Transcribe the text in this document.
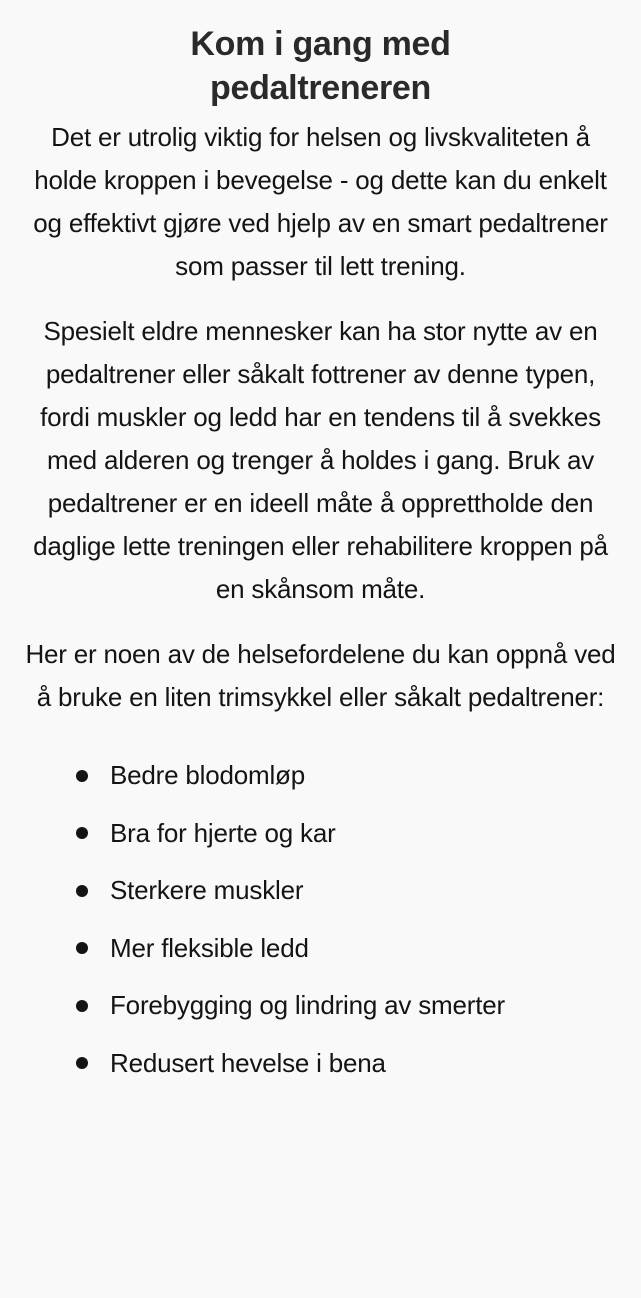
Kom i gang med
pedaltreneren

Det er utrolig viktig for helsen og livskvaliteten å holde kroppen i bevegelse - og dette kan du enkelt og effektivt gjøre ved hjelp av en smart pedaltrener som passer til lett trening.

Spesielt eldre mennesker kan ha stor nytte av en pedaltrener eller såkalt fottrener av denne typen, fordi muskler og ledd har en tendens til å svekkes med alderen og trenger å holdes i gang. Bruk av pedaltrener er en ideell måte å opprettholde den daglige lette treningen eller rehabilitere kroppen på en skånsom måte.

Her er noen av de helsefordelene du kan oppnå ved å bruke en liten trimsykkel eller såkalt pedaltrener:

Bedre blodomløp
Bra for hjerte og kar
Sterkere muskler
Mer fleksible ledd
Forebygging og lindring av smerter
Redusert hevelse i bena
